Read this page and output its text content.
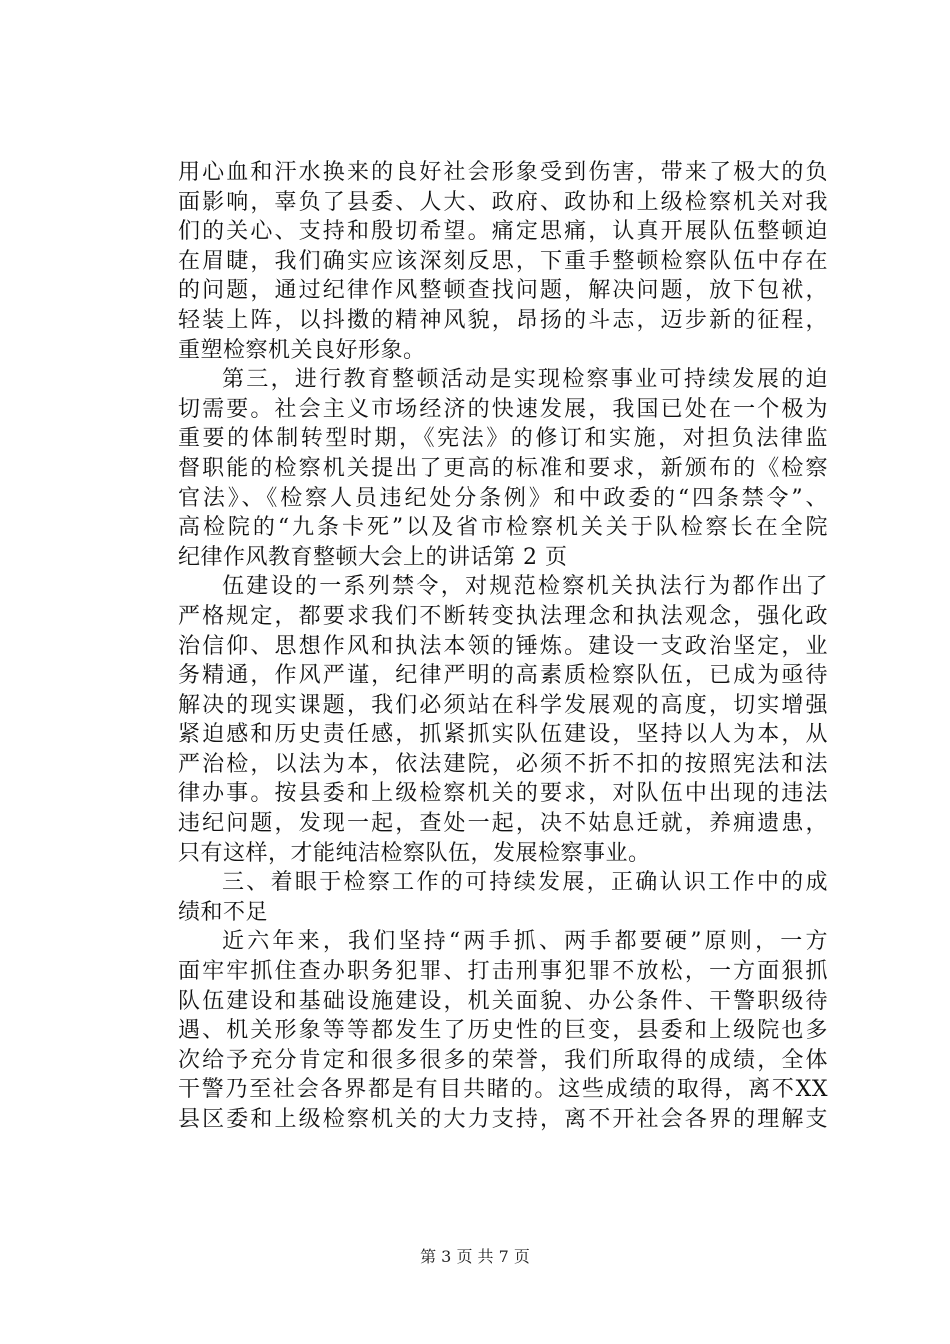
用心血和汗水换来的良好社会形象受到伤害，带来了极大的负
面影响，辜负了县委、人大、政府、政协和上级检察机关对我
们的关心、支持和殷切希望。痛定思痛，认真开展队伍整顿迫
在眉睫，我们确实应该深刻反思，下重手整顿检察队伍中存在
的问题，通过纪律作风整顿查找问题，解决问题，放下包袱，
轻装上阵，以抖擞的精神风貌，昂扬的斗志，迈步新的征程，
重塑检察机关良好形象。
第三，进行教育整顿活动是实现检察事业可持续发展的迫
切需要。社会主义市场经济的快速发展，我国已处在一个极为
重要的体制转型时期，《宪法》的修订和实施，对担负法律监
督职能的检察机关提出了更高的标准和要求，新颁布的《检察
官法》、《检察人员违纪处分条例》和中政委的“四条禁令”、
高检院的“九条卡死”以及省市检察机关关于队检察长在全院
纪律作风教育整顿大会上的讲话第 2 页
伍建设的一系列禁令，对规范检察机关执法行为都作出了
严格规定，都要求我们不断转变执法理念和执法观念，强化政
治信仰、思想作风和执法本领的锤炼。建设一支政治坚定，业
务精通，作风严谨，纪律严明的高素质检察队伍，已成为亟待
解决的现实课题，我们必须站在科学发展观的高度，切实增强
紧迫感和历史责任感，抓紧抓实队伍建设，坚持以人为本，从
严治检，以法为本，依法建院，必须不折不扣的按照宪法和法
律办事。按县委和上级检察机关的要求，对队伍中出现的违法
违纪问题，发现一起，查处一起，决不姑息迁就，养痈遗患，
只有这样，才能纯洁检察队伍，发展检察事业。
三、着眼于检察工作的可持续发展，正确认识工作中的成
绩和不足
近六年来，我们坚持“两手抓、两手都要硬”原则，一方
面牢牢抓住查办职务犯罪、打击刑事犯罪不放松，一方面狠抓
队伍建设和基础设施建设，机关面貌、办公条件、干警职级待
遇、机关形象等等都发生了历史性的巨变，县委和上级院也多
次给予充分肯定和很多很多的荣誉，我们所取得的成绩，全体
干警乃至社会各界都是有目共睹的。这些成绩的取得，离不XX
县区委和上级检察机关的大力支持，离不开社会各界的理解支
第 3 页 共 7 页
